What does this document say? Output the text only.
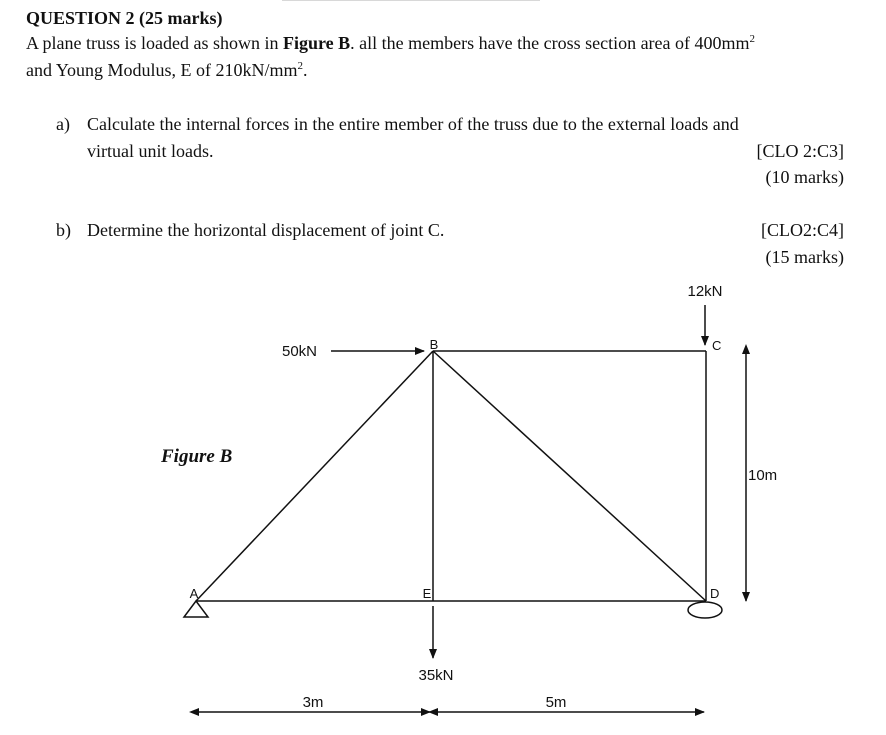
QUESTION 2 (25 marks)
A plane truss is loaded as shown in Figure B. all the members have the cross section area of $400mm^2$
and Young Modulus, E of $210kN/mm^2$.
a) Calculate the internal forces in the entire member of the truss due to the external loads and
virtual unit loads.	[CLO 2:C3]
(10 marks)
b) Determine the horizontal displacement of joint C.	[CLO2:C4]
(15 marks)
B	C
D
E
A
50kN
12kN
35kN
3m	5m
10m
Figure B
